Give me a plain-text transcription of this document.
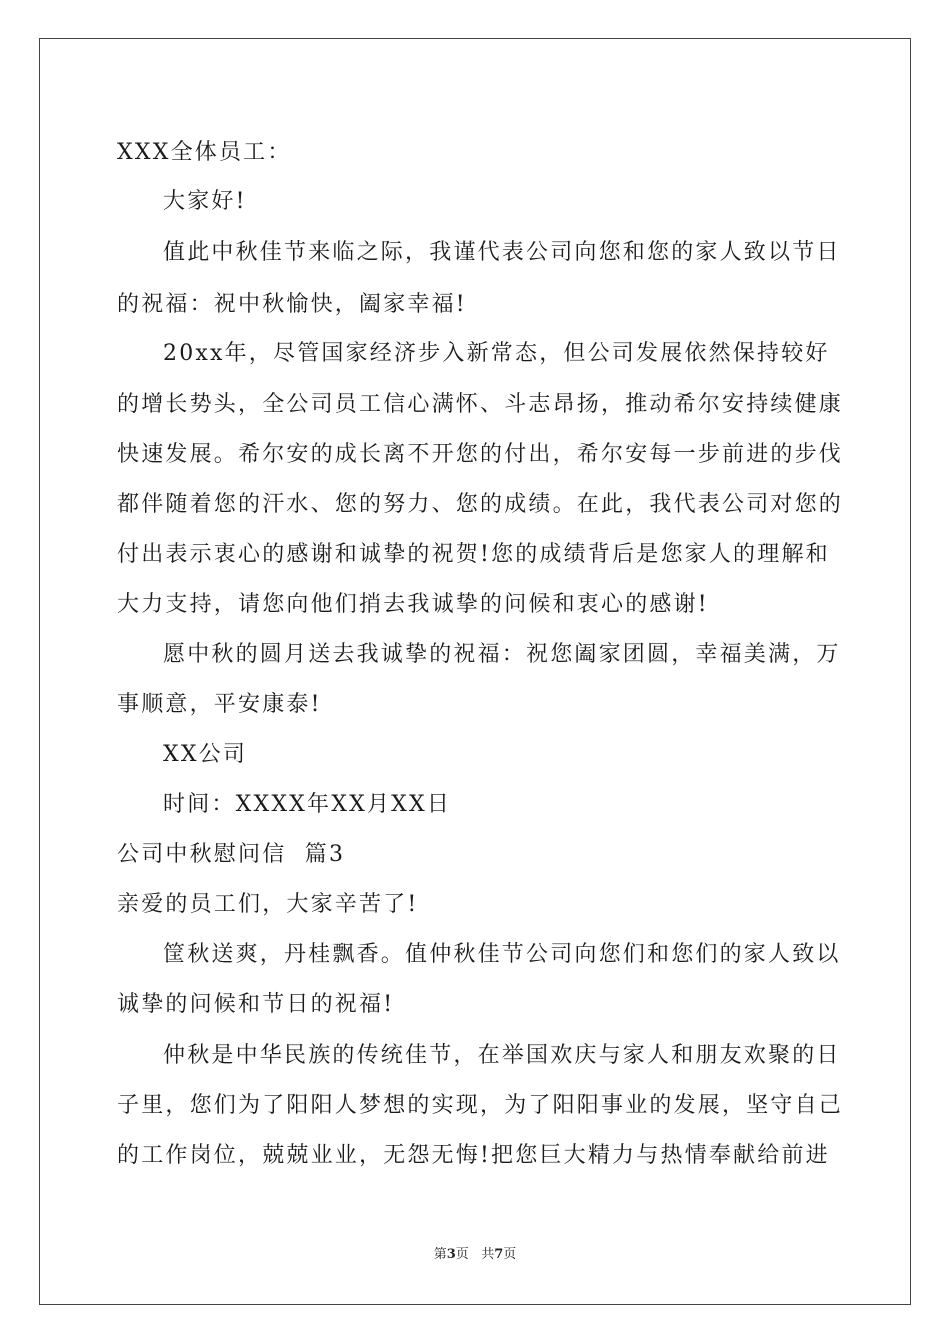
XXX全体员工：
大家好!
值此中秋佳节来临之际，我谨代表公司向您和您的家人致以节日
的祝福：祝中秋愉快，阖家幸福!
20xx年，尽管国家经济步入新常态，但公司发展依然保持较好
的增长势头，全公司员工信心满怀、斗志昂扬，推动希尔安持续健康
快速发展。希尔安的成长离不开您的付出，希尔安每一步前进的步伐
都伴随着您的汗水、您的努力、您的成绩。在此，我代表公司对您的
付出表示衷心的感谢和诚挚的祝贺!您的成绩背后是您家人的理解和
大力支持，请您向他们捎去我诚挚的问候和衷心的感谢!
愿中秋的圆月送去我诚挚的祝福：祝您阖家团圆，幸福美满，万
事顺意，平安康泰!
XX公司
时间：XXXX年XX月XX日
公司中秋慰问信  篇3
亲爱的员工们，大家辛苦了!
筐秋送爽，丹桂飘香。值仲秋佳节公司向您们和您们的家人致以
诚挚的问候和节日的祝福!
仲秋是中华民族的传统佳节，在举国欢庆与家人和朋友欢聚的日
子里，您们为了阳阳人梦想的实现，为了阳阳事业的发展，坚守自己
的工作岗位，兢兢业业，无怨无悔!把您巨大精力与热情奉献给前进
第3页 共7页
